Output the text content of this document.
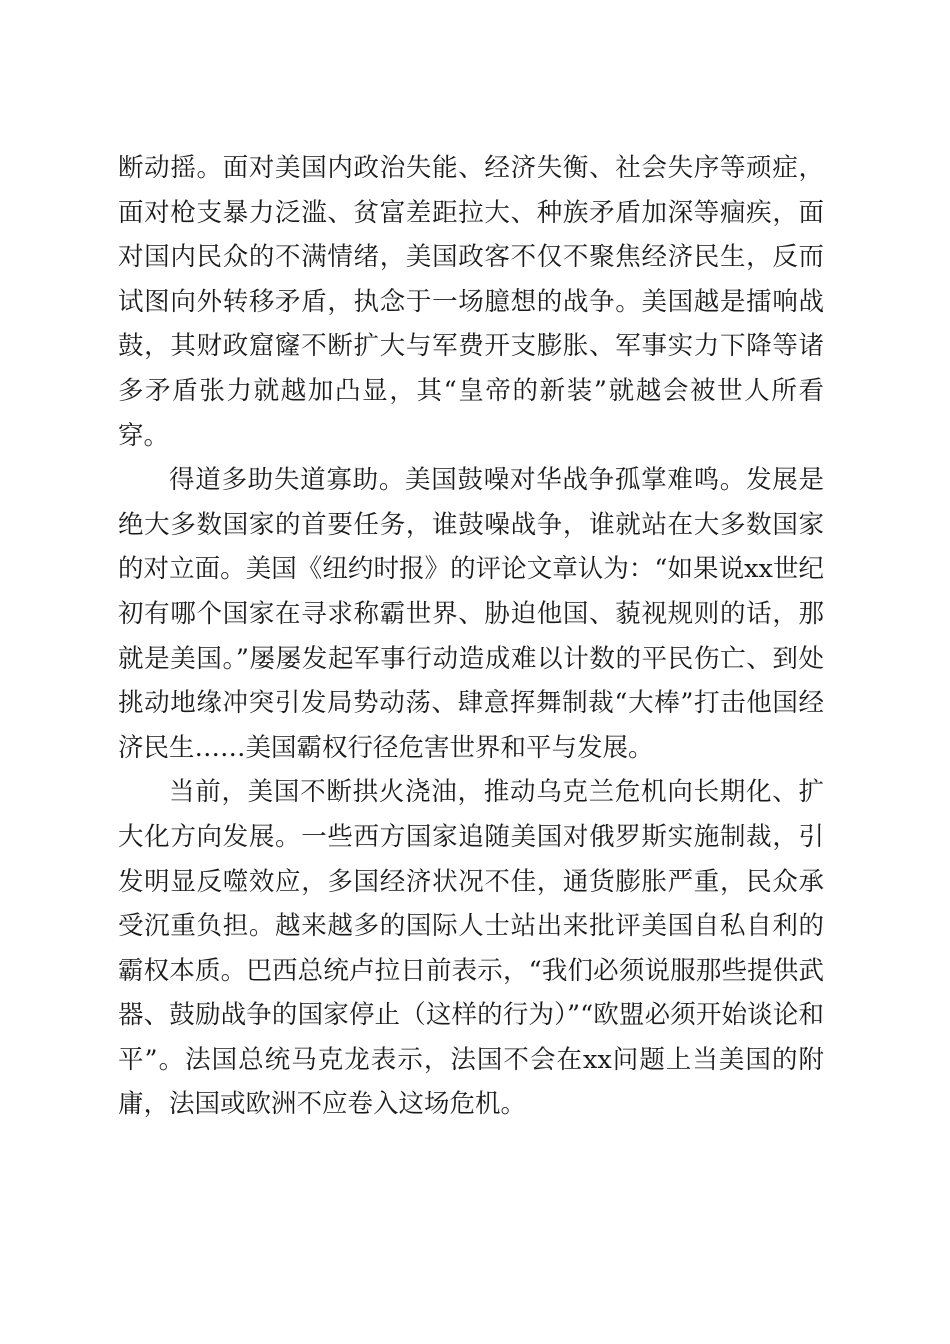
断动摇。面对美国内政治失能、经济失衡、社会失序等顽症，面对枪支暴力泛滥、贫富差距拉大、种族矛盾加深等痼疾，面对国内民众的不满情绪，美国政客不仅不聚焦经济民生，反而试图向外转移矛盾，执念于一场臆想的战争。美国越是擂响战鼓，其财政窟窿不断扩大与军费开支膨胀、军事实力下降等诸多矛盾张力就越加凸显，其“皇帝的新装”就越会被世人所看穿。

得道多助失道寡助。美国鼓噪对华战争孤掌难鸣。发展是绝大多数国家的首要任务，谁鼓噪战争，谁就站在大多数国家的对立面。美国《纽约时报》的评论文章认为：“如果说xx世纪初有哪个国家在寻求称霸世界、胁迫他国、藐视规则的话，那就是美国。”屡屡发起军事行动造成难以计数的平民伤亡、到处挑动地缘冲突引发局势动荡、肆意挥舞制裁“大棒”打击他国经济民生……美国霸权行径危害世界和平与发展。

当前，美国不断拱火浇油，推动乌克兰危机向长期化、扩大化方向发展。一些西方国家追随美国对俄罗斯实施制裁，引发明显反噬效应，多国经济状况不佳，通货膨胀严重，民众承受沉重负担。越来越多的国际人士站出来批评美国自私自利的霸权本质。巴西总统卢拉日前表示，“我们必须说服那些提供武器、鼓励战争的国家停止（这样的行为）”“欧盟必须开始谈论和平”。法国总统马克龙表示，法国不会在xx问题上当美国的附庸，法国或欧洲不应卷入这场危机。
